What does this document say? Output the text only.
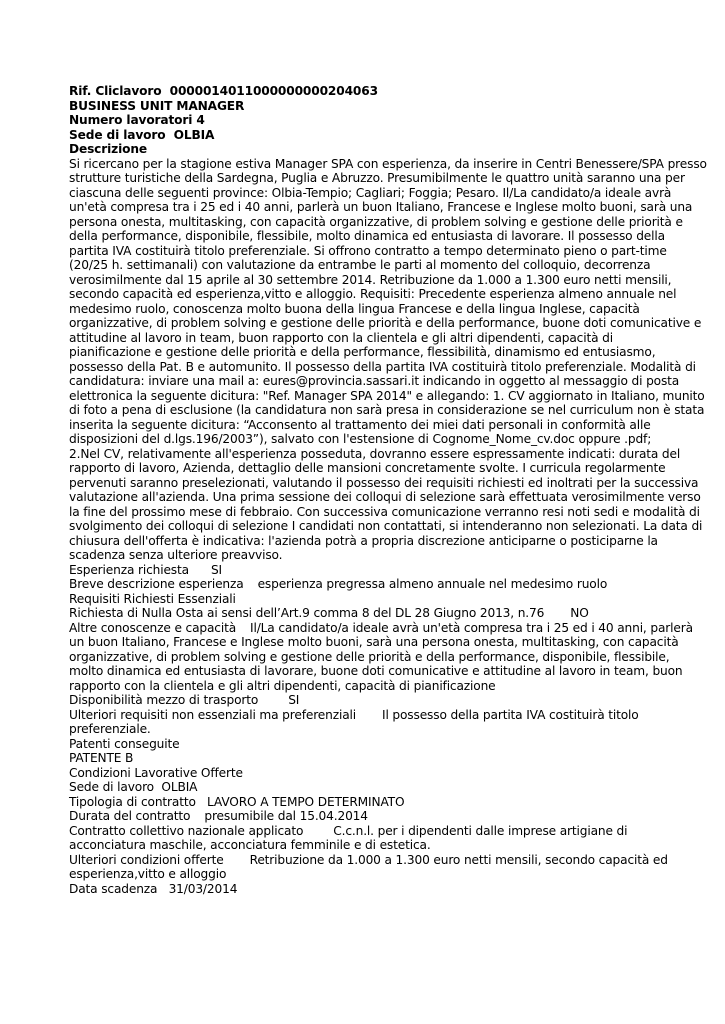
Rif. Cliclavoro 0000014011000000000204063
BUSINESS UNIT MANAGER
Numero lavoratori 4
Sede di lavoro OLBIA
Descrizione
Si ricercano per la stagione estiva Manager SPA con esperienza, da inserire in Centri Benessere/SPA presso
strutture turistiche della Sardegna, Puglia e Abruzzo. Presumibilmente le quattro unità saranno una per
ciascuna delle seguenti province: Olbia-Tempio; Cagliari; Foggia; Pesaro. Il/La candidato/a ideale avrà
un'età compresa tra i 25 ed i 40 anni, parlerà un buon Italiano, Francese e Inglese molto buoni, sarà una
persona onesta, multitasking, con capacità organizzative, di problem solving e gestione delle priorità e
della performance, disponibile, flessibile, molto dinamica ed entusiasta di lavorare. Il possesso della
partita IVA costituirà titolo preferenziale. Si offrono contratto a tempo determinato pieno o part-time
(20/25 h. settimanali) con valutazione da entrambe le parti al momento del colloquio, decorrenza
verosimilmente dal 15 aprile al 30 settembre 2014. Retribuzione da 1.000 a 1.300 euro netti mensili,
secondo capacità ed esperienza,vitto e alloggio. Requisiti: Precedente esperienza almeno annuale nel
medesimo ruolo, conoscenza molto buona della lingua Francese e della lingua Inglese, capacità
organizzative, di problem solving e gestione delle priorità e della performance, buone doti comunicative e
attitudine al lavoro in team, buon rapporto con la clientela e gli altri dipendenti, capacità di
pianificazione e gestione delle priorità e della performance, flessibilità, dinamismo ed entusiasmo,
possesso della Pat. B e automunito. Il possesso della partita IVA costituirà titolo preferenziale. Modalità di
candidatura: inviare una mail a: eures@provincia.sassari.it indicando in oggetto al messaggio di posta
elettronica la seguente dicitura: "Ref. Manager SPA 2014" e allegando: 1. CV aggiornato in Italiano, munito
di foto a pena di esclusione (la candidatura non sarà presa in considerazione se nel curriculum non è stata
inserita la seguente dicitura: “Acconsento al trattamento dei miei dati personali in conformità alle
disposizioni del d.lgs.196/2003”), salvato con l'estensione di Cognome_Nome_cv.doc oppure .pdf;
2.Nel CV, relativamente all'esperienza posseduta, dovranno essere espressamente indicati: durata del
rapporto di lavoro, Azienda, dettaglio delle mansioni concretamente svolte. I curricula regolarmente
pervenuti saranno preselezionati, valutando il possesso dei requisiti richiesti ed inoltrati per la successiva
valutazione all'azienda. Una prima sessione dei colloqui di selezione sarà effettuata verosimilmente verso
la fine del prossimo mese di febbraio. Con successiva comunicazione verranno resi noti sedi e modalità di
svolgimento dei colloqui di selezione I candidati non contattati, si intenderanno non selezionati. La data di
chiusura dell'offerta è indicativa: l'azienda potrà a propria discrezione anticiparne o posticiparne la
scadenza senza ulteriore preavviso.
Esperienza richiesta SI
Breve descrizione esperienza esperienza pregressa almeno annuale nel medesimo ruolo
Requisiti Richiesti Essenziali
Richiesta di Nulla Osta ai sensi dell’Art.9 comma 8 del DL 28 Giugno 2013, n.76 NO
Altre conoscenze e capacità Il/La candidato/a ideale avrà un'età compresa tra i 25 ed i 40 anni, parlerà
un buon Italiano, Francese e Inglese molto buoni, sarà una persona onesta, multitasking, con capacità
organizzative, di problem solving e gestione delle priorità e della performance, disponibile, flessibile,
molto dinamica ed entusiasta di lavorare, buone doti comunicative e attitudine al lavoro in team, buon
rapporto con la clientela e gli altri dipendenti, capacità di pianificazione
Disponibilità mezzo di trasporto SI
Ulteriori requisiti non essenziali ma preferenziali Il possesso della partita IVA costituirà titolo
preferenziale.
Patenti conseguite
PATENTE B
Condizioni Lavorative Offerte
Sede di lavoro OLBIA
Tipologia di contratto LAVORO A TEMPO DETERMINATO
Durata del contratto presumibile dal 15.04.2014
Contratto collettivo nazionale applicato C.c.n.l. per i dipendenti dalle imprese artigiane di
acconciatura maschile, acconciatura femminile e di estetica.
Ulteriori condizioni offerte Retribuzione da 1.000 a 1.300 euro netti mensili, secondo capacità ed
esperienza,vitto e alloggio
Data scadenza 31/03/2014
